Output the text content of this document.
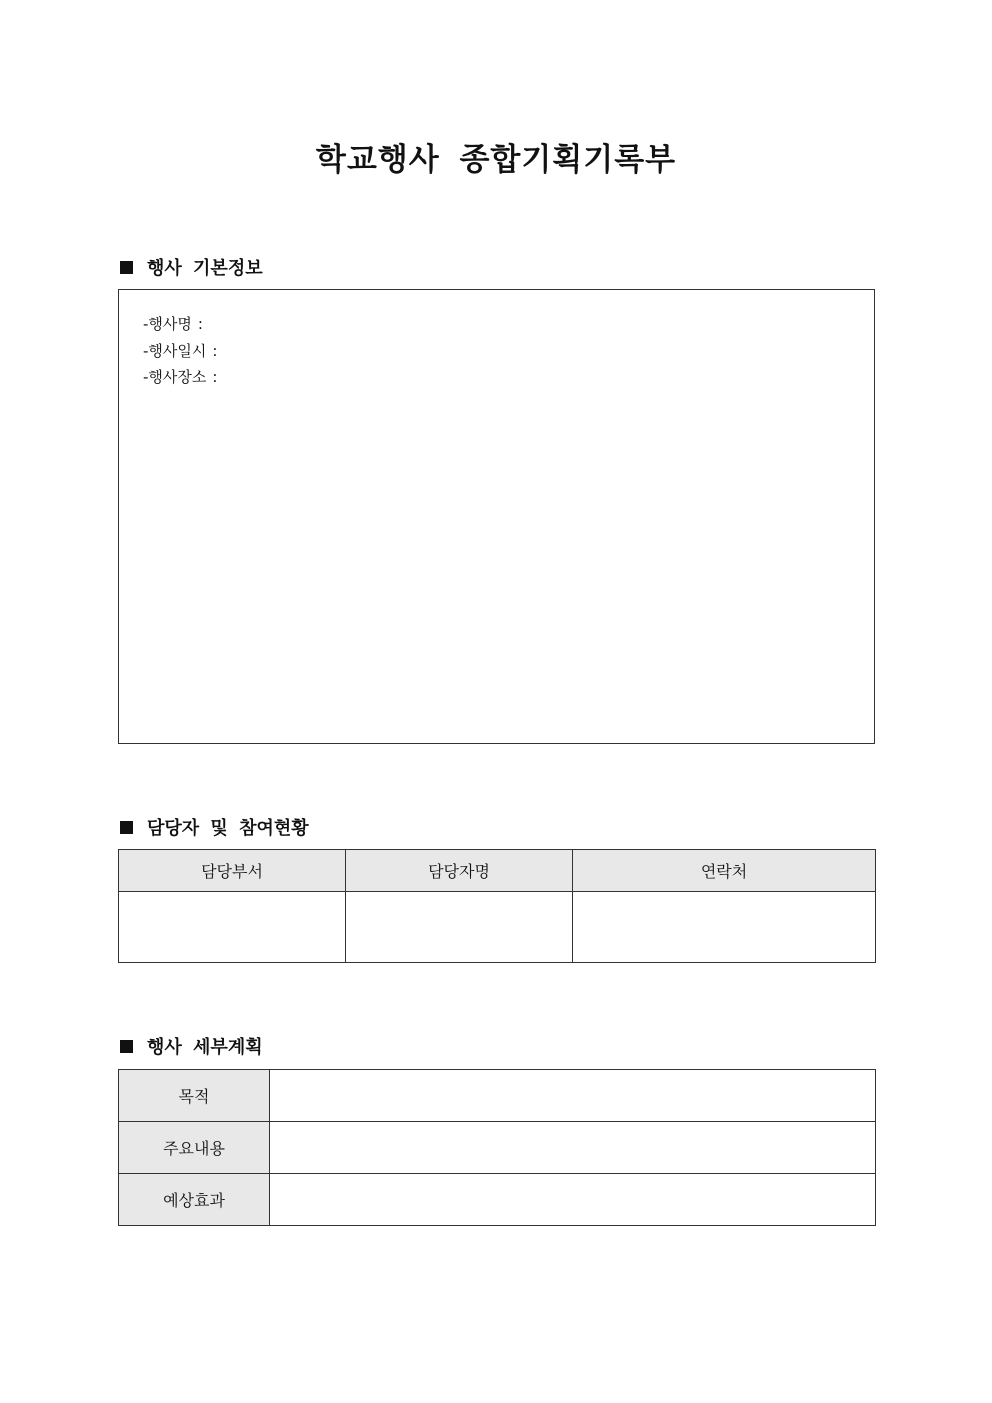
학교행사 종합기획기록부
행사 기본정보
-행사명 :
-행사일시 :
-행사장소 :
담당자 및 참여현황
담당부서	담당자명	연락처

행사 세부계획
목적	
주요내용	
예상효과	
